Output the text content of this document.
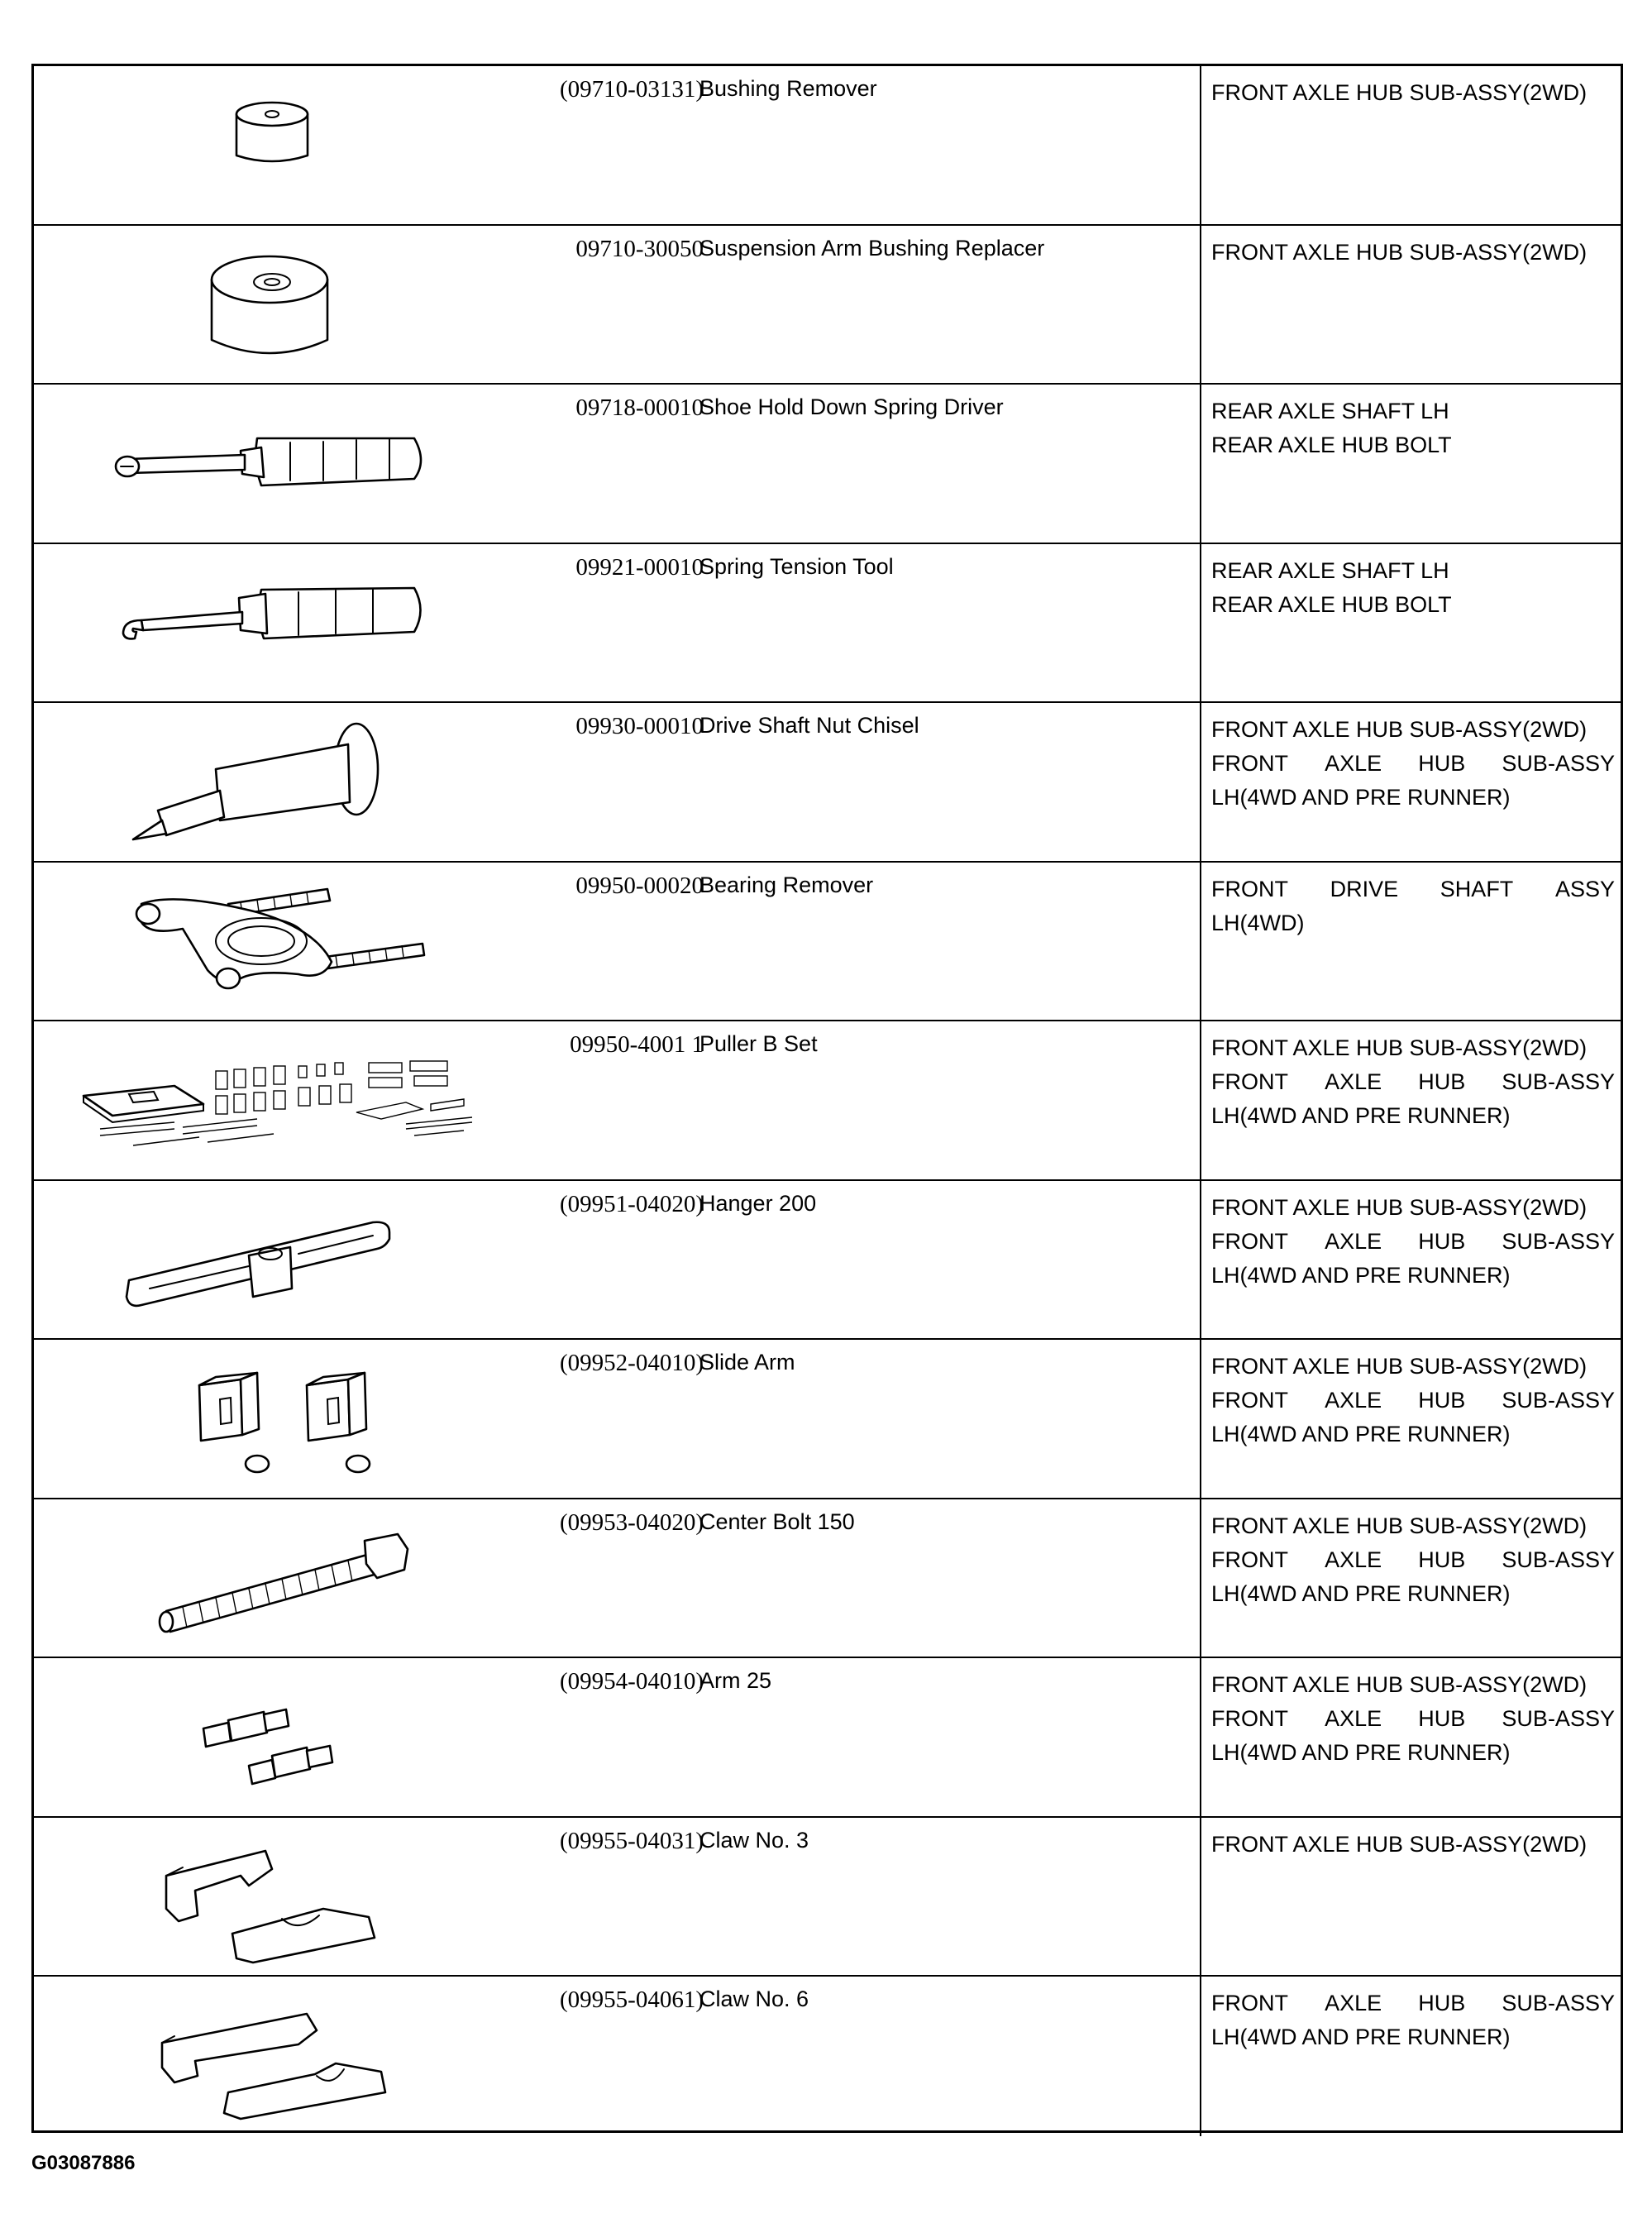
(09710-03131)
Bushing Remover	FRONT AXLE HUB SUB-ASSY(2WD)
09710-30050
Suspension Arm Bushing Replacer	FRONT AXLE HUB SUB-ASSY(2WD)
09718-00010
Shoe Hold Down Spring Driver	REAR AXLE SHAFT LH
REAR AXLE HUB BOLT
09921-00010
Spring Tension Tool	REAR AXLE SHAFT LH
REAR AXLE HUB BOLT
09930-00010
Drive Shaft Nut Chisel	FRONT AXLE HUB SUB-ASSY(2WD)
FRONT AXLE HUB SUB-ASSY
LH(4WD AND PRE RUNNER)
09950-00020
Bearing Remover	FRONT DRIVE SHAFT ASSY
LH(4WD)
09950-4001 1
Puller B Set	FRONT AXLE HUB SUB-ASSY(2WD)
FRONT AXLE HUB SUB-ASSY
LH(4WD AND PRE RUNNER)
(09951-04020)
Hanger 200	FRONT AXLE HUB SUB-ASSY(2WD)
FRONT AXLE HUB SUB-ASSY
LH(4WD AND PRE RUNNER)
(09952-04010)
Slide Arm	FRONT AXLE HUB SUB-ASSY(2WD)
FRONT AXLE HUB SUB-ASSY
LH(4WD AND PRE RUNNER)
(09953-04020)
Center Bolt 150	FRONT AXLE HUB SUB-ASSY(2WD)
FRONT AXLE HUB SUB-ASSY
LH(4WD AND PRE RUNNER)
(09954-04010)
Arm 25	FRONT AXLE HUB SUB-ASSY(2WD)
FRONT AXLE HUB SUB-ASSY
LH(4WD AND PRE RUNNER)
(09955-04031)
Claw No. 3	FRONT AXLE HUB SUB-ASSY(2WD)
(09955-04061)
Claw No. 6	FRONT AXLE HUB SUB-ASSY
LH(4WD AND PRE RUNNER)
G03087886
